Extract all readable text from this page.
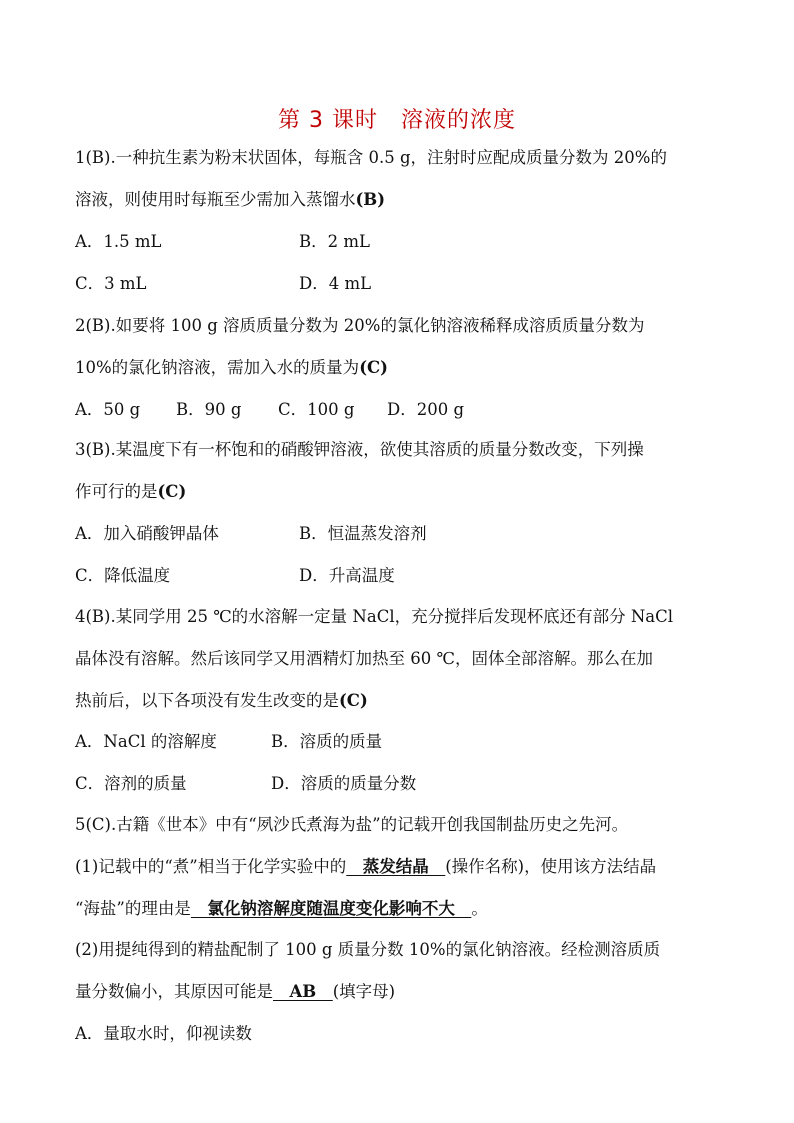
第 3 课时　溶液的浓度
1(B).一种抗生素为粉末状固体，每瓶含 0.5 g，注射时应配成质量分数为 20%的
溶液，则使用时每瓶至少需加入蒸馏水(B)
A．1.5 mL	B．2 mL
C．3 mL	D．4 mL
2(B).如要将 100 g 溶质质量分数为 20%的氯化钠溶液稀释成溶质质量分数为
10%的氯化钠溶液，需加入水的质量为(C)
A．50 g B．90 g C．100 g D．200 g
3(B).某温度下有一杯饱和的硝酸钾溶液，欲使其溶质的质量分数改变，下列操
作可行的是(C)
A．加入硝酸钾晶体	B．恒温蒸发溶剂
C．降低温度	D．升高温度
4(B).某同学用 25 ℃的水溶解一定量 NaCl，充分搅拌后发现杯底还有部分 NaCl
晶体没有溶解。然后该同学又用酒精灯加热至 60 ℃，固体全部溶解。那么在加
热前后，以下各项没有发生改变的是(C)
A．NaCl 的溶解度	B．溶质的质量
C．溶剂的质量	D．溶质的质量分数
5(C).古籍《世本》中有“夙沙氏煮海为盐”的记载开创我国制盐历史之先河。
(1)记载中的“煮”相当于化学实验中的　蒸发结晶　(操作名称)，使用该方法结晶
“海盐”的理由是　氯化钠溶解度随温度变化影响不大　。
(2)用提纯得到的精盐配制了 100 g 质量分数 10%的氯化钠溶液。经检测溶质质
量分数偏小，其原因可能是　AB　(填字母)
A．量取水时，仰视读数
